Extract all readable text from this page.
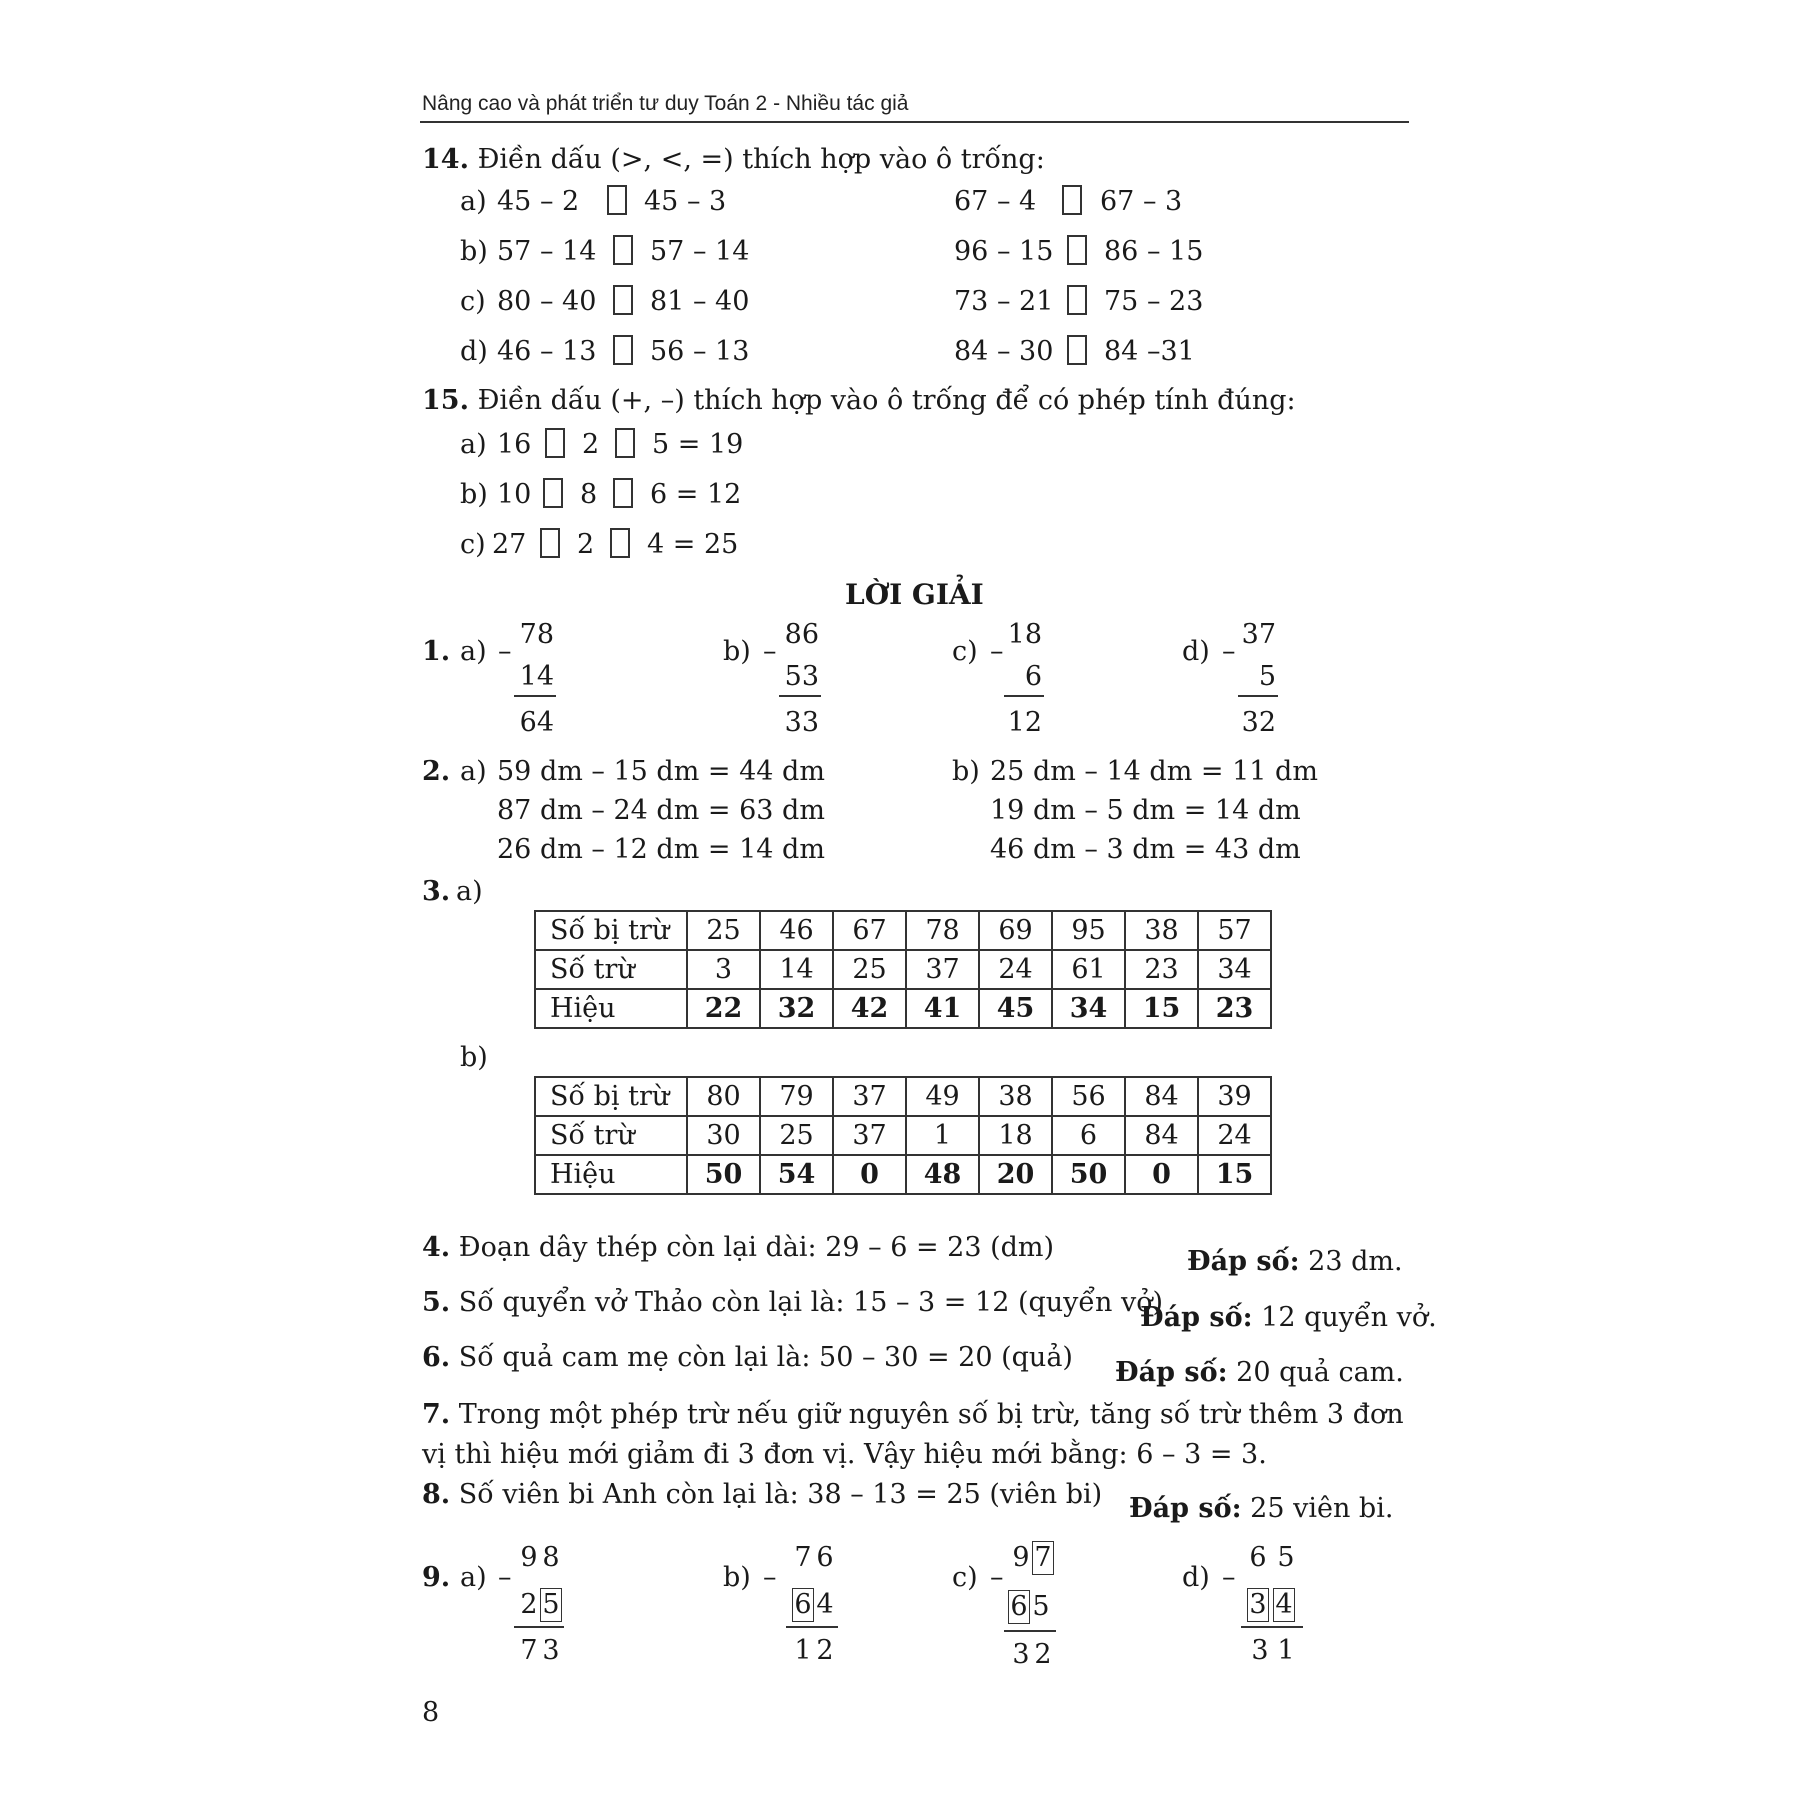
Nâng cao và phát triển tư duy Toán 2 - Nhiều tác giả
14. Điền dấu (>, <, =) thích hợp vào ô trống:
a) 45 – 2 45 – 3	67 – 4 67 – 3
b) 57 – 14 57 – 14	96 – 15 86 – 15
c) 80 – 40 81 – 40	73 – 21 75 – 23
d) 46 – 13 56 – 13	84 – 30 84 –31
15. Điền dấu (+, –) thích hợp vào ô trống để có phép tính đúng:
a) 16 2 5 = 19
b) 10 8 6 = 12
c) 27 2 4 = 25
LỜI GIẢI
1. a) –
78
14
64
b) –
86
53
33
c) –
18
6
12
d) –
37
5
32
2. a) 59 dm – 15 dm = 44 dm
87 dm – 24 dm = 63 dm
26 dm – 12 dm = 14 dm
b) 25 dm – 14 dm = 11 dm
19 dm – 5 dm = 14 dm
46 dm – 3 dm = 43 dm
3. a)
Số bị trừ	25	46	67	78	69	95	38	57
Số trừ	3	14	25	37	24	61	23	34
Hiệu	22	32	42	41	45	34	15	23
b)
Số bị trừ	80	79	37	49	38	56	84	39
Số trừ	30	25	37	1	18	6	84	24
Hiệu	50	54	0	48	20	50	0	15
4. Đoạn dây thép còn lại dài: 29 – 6 = 23 (dm)	Đáp số: 23 dm.
5. Số quyển vở Thảo còn lại là: 15 – 3 = 12 (quyển vở)
Đáp số: 12 quyển vở.
6. Số quả cam mẹ còn lại là: 50 – 30 = 20 (quả) Đáp số: 20 quả cam.
7. Trong một phép trừ nếu giữ nguyên số bị trừ, tăng số trừ thêm 3 đơn
vị thì hiệu mới giảm đi 3 đơn vị. Vậy hiệu mới bằng: 6 – 3 = 3.
8. Số viên bi Anh còn lại là: 38 – 13 = 25 (viên bi) Đáp số: 25 viên bi.
9. a) –
9 8
2 5
7 3
b) –
7 6
6 4
1 2
c) –
9 7
6 5
3 2
d) –
6 5
3 4
3 1
8
